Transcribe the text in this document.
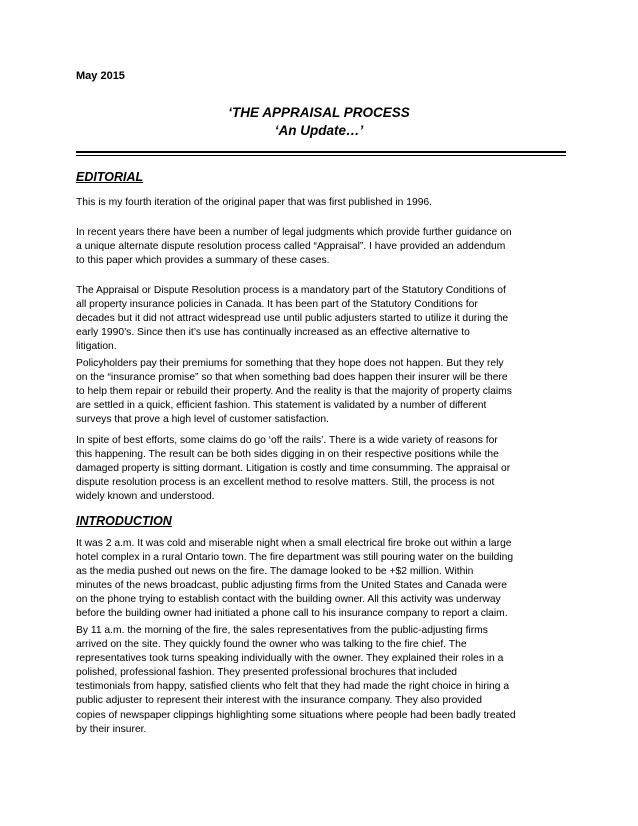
May 2015
‘THE APPRAISAL PROCESS
‘An Update…’
EDITORIAL
This is my fourth iteration of the original paper that was first published in 1996.
In recent years there have been a number of legal judgments which provide further guidance on
a unique alternate dispute resolution process called “Appraisal”. I have provided an addendum
to this paper which provides a summary of these cases.
The Appraisal or Dispute Resolution process is a mandatory part of the Statutory Conditions of
all property insurance policies in Canada. It has been part of the Statutory Conditions for
decades but it did not attract widespread use until public adjusters started to utilize it during the
early 1990’s. Since then it’s use has continually increased as an effective alternative to
litigation.
Policyholders pay their premiums for something that they hope does not happen. But they rely
on the “insurance promise” so that when something bad does happen their insurer will be there
to help them repair or rebuild their property. And the reality is that the majority of property claims
are settled in a quick, efficient fashion. This statement is validated by a number of different
surveys that prove a high level of customer satisfaction.
In spite of best efforts, some claims do go ‘off the rails’. There is a wide variety of reasons for
this happening. The result can be both sides digging in on their respective positions while the
damaged property is sitting dormant. Litigation is costly and time consumming. The appraisal or
dispute resolution process is an excellent method to resolve matters. Still, the process is not
widely known and understood.
INTRODUCTION
It was 2 a.m. It was cold and miserable night when a small electrical fire broke out within a large
hotel complex in a rural Ontario town. The fire department was still pouring water on the building
as the media pushed out news on the fire. The damage looked to be +$2 million. Within
minutes of the news broadcast, public adjusting firms from the United States and Canada were
on the phone trying to establish contact with the building owner. All this activity was underway
before the building owner had initiated a phone call to his insurance company to report a claim.
By 11 a.m. the morning of the fire, the sales representatives from the public-adjusting firms
arrived on the site. They quickly found the owner who was talking to the fire chief. The
representatives took turns speaking individually with the owner. They explained their roles in a
polished, professional fashion. They presented professional brochures that included
testimonials from happy, satisfied clients who felt that they had made the right choice in hiring a
public adjuster to represent their interest with the insurance company. They also provided
copies of newspaper clippings highlighting some situations where people had been badly treated
by their insurer.
